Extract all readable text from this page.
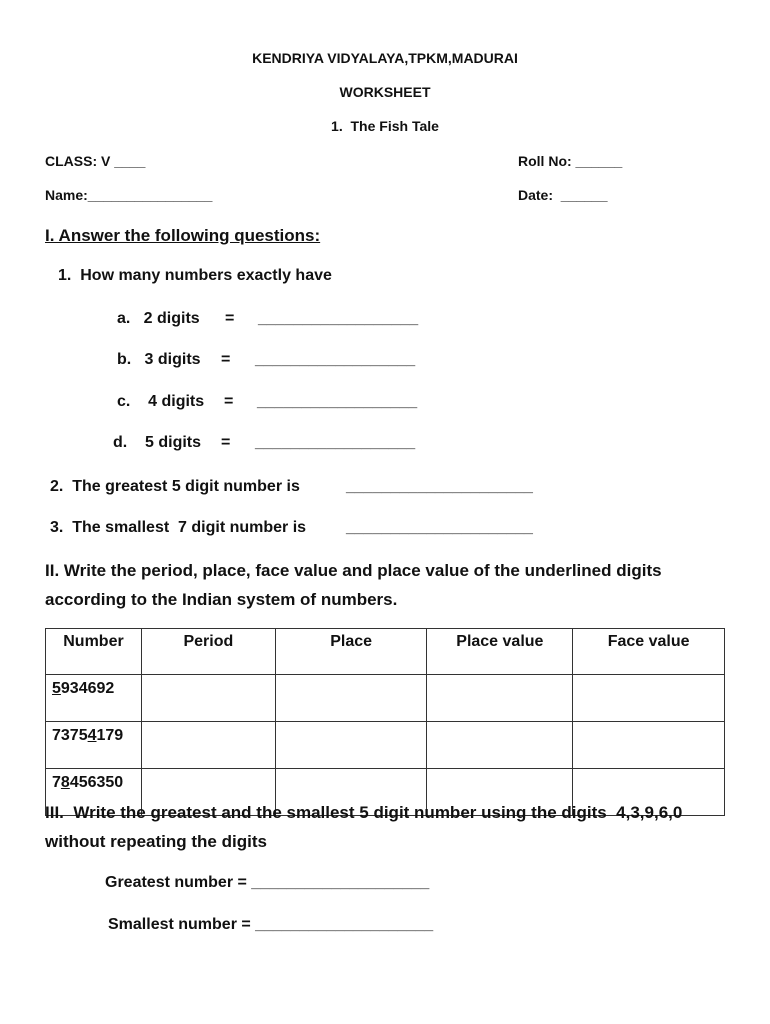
KENDRIYA VIDYALAYA,TPKM,MADURAI
WORKSHEET
1.  The Fish Tale
CLASS: V ____	Roll No: ______
Name:________________	Date:  ______
I. Answer the following questions:
1.  How many numbers exactly have
a.   2 digits = __________________
b.   3 digits = __________________
c.    4 digits = __________________
d.    5 digits = __________________
2.  The greatest 5 digit number is	_____________________
3.  The smallest  7 digit number is _____________________
II. Write the period, place, face value and place value of the underlined digits
according to the Indian system of numbers.
Number	Period	Place	Place value	Face value
5934692				
73754179				
78456350				
III.  Write the greatest and the smallest 5 digit number using the digits  4,3,9,6,0
without repeating the digits
Greatest number = ____________________
Smallest number = ____________________
